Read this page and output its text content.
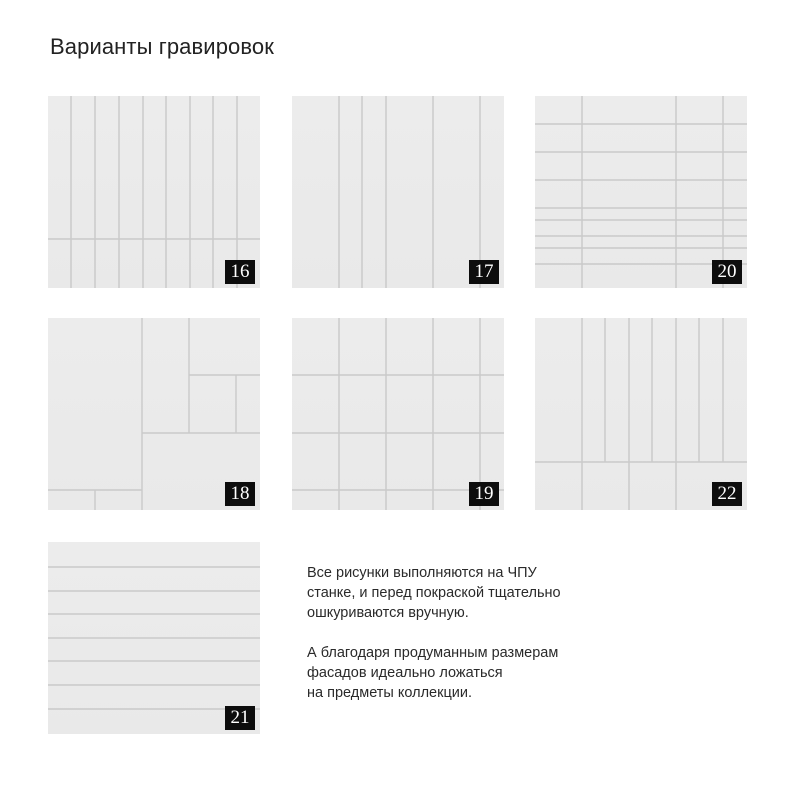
Варианты гравировок
16	17	20
18	19	22
21

Все рисунки выполняются на ЧПУ
станке, и перед покраской тщательно
ошкуриваются вручную.

А благодаря продуманным размерам
фасадов идеально ложаться
на предметы коллекции.
